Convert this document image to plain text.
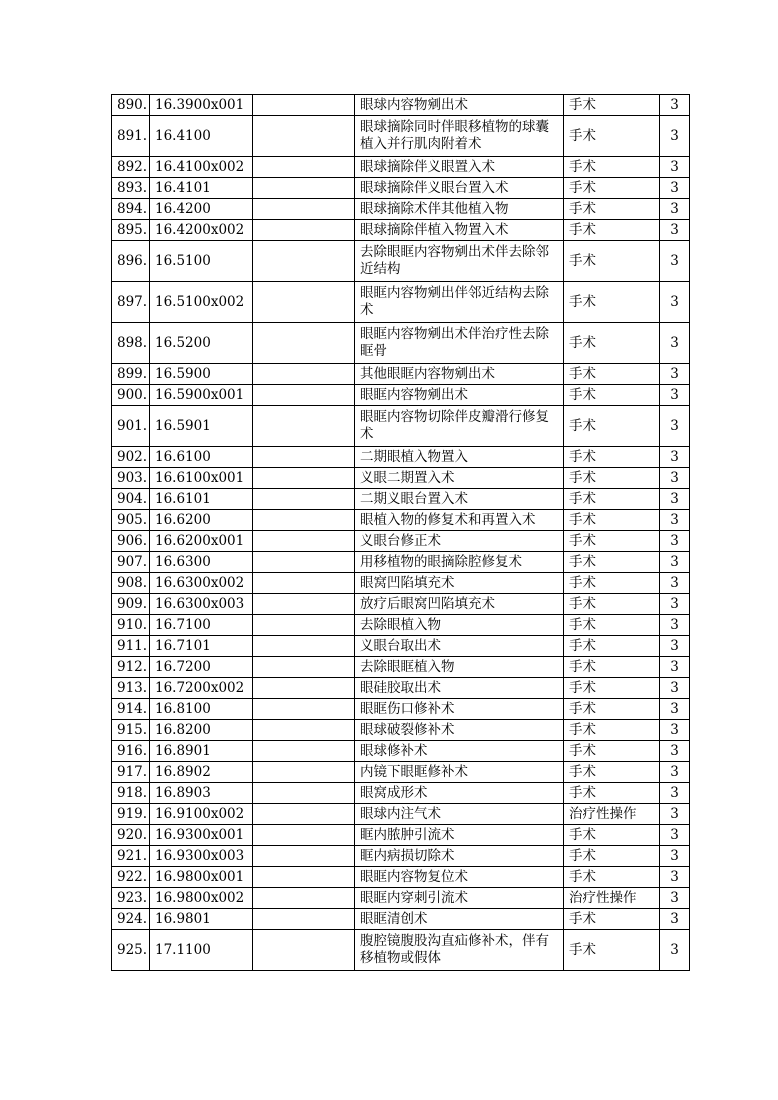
890.	16.3900x001		眼球内容物剜出术	手术	3
891.	16.4100		眼球摘除同时伴眼移植物的球囊植入并行肌肉附着术	手术	3
892.	16.4100x002		眼球摘除伴义眼置入术	手术	3
893.	16.4101		眼球摘除伴义眼台置入术	手术	3
894.	16.4200		眼球摘除术伴其他植入物	手术	3
895.	16.4200x002		眼球摘除伴植入物置入术	手术	3
896.	16.5100		去除眼眶内容物剜出术伴去除邻近结构	手术	3
897.	16.5100x002		眼眶内容物剜出伴邻近结构去除术	手术	3
898.	16.5200		眼眶内容物剜出术伴治疗性去除眶骨	手术	3
899.	16.5900		其他眼眶内容物剜出术	手术	3
900.	16.5900x001		眼眶内容物剜出术	手术	3
901.	16.5901		眼眶内容物切除伴皮瓣滑行修复术	手术	3
902.	16.6100		二期眼植入物置入	手术	3
903.	16.6100x001		义眼二期置入术	手术	3
904.	16.6101		二期义眼台置入术	手术	3
905.	16.6200		眼植入物的修复术和再置入术	手术	3
906.	16.6200x001		义眼台修正术	手术	3
907.	16.6300		用移植物的眼摘除腔修复术	手术	3
908.	16.6300x002		眼窝凹陷填充术	手术	3
909.	16.6300x003		放疗后眼窝凹陷填充术	手术	3
910.	16.7100		去除眼植入物	手术	3
911.	16.7101		义眼台取出术	手术	3
912.	16.7200		去除眼眶植入物	手术	3
913.	16.7200x002		眼硅胶取出术	手术	3
914.	16.8100		眼眶伤口修补术	手术	3
915.	16.8200		眼球破裂修补术	手术	3
916.	16.8901		眼球修补术	手术	3
917.	16.8902		内镜下眼眶修补术	手术	3
918.	16.8903		眼窝成形术	手术	3
919.	16.9100x002		眼球内注气术	治疗性操作	3
920.	16.9300x001		眶内脓肿引流术	手术	3
921.	16.9300x003		眶内病损切除术	手术	3
922.	16.9800x001		眼眶内容物复位术	手术	3
923.	16.9800x002		眼眶内穿刺引流术	治疗性操作	3
924.	16.9801		眼眶清创术	手术	3
925.	17.1100		腹腔镜腹股沟直疝修补术，伴有移植物或假体	手术	3
